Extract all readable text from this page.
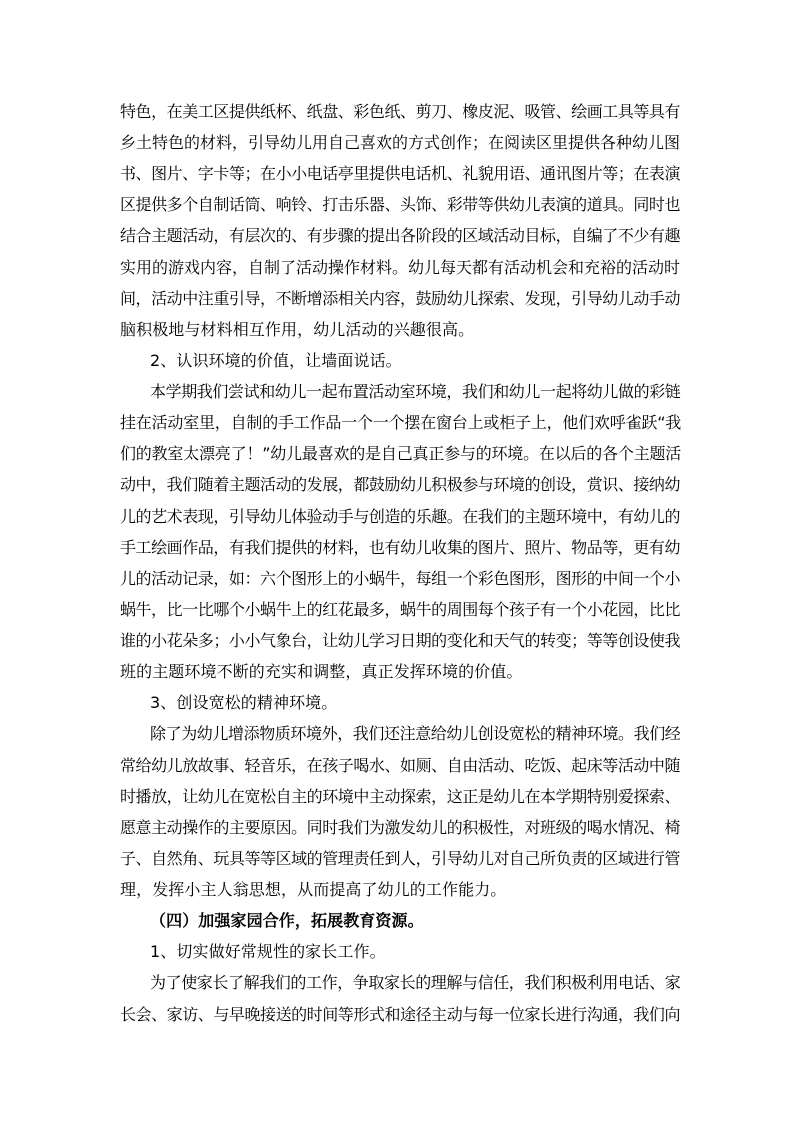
特色，在美工区提供纸杯、纸盘、彩色纸、剪刀、橡皮泥、吸管、绘画工具等具有
乡土特色的材料，引导幼儿用自己喜欢的方式创作；在阅读区里提供各种幼儿图
书、图片、字卡等；在小小电话亭里提供电话机、礼貌用语、通讯图片等；在表演
区提供多个自制话筒、响铃、打击乐器、头饰、彩带等供幼儿表演的道具。同时也
结合主题活动，有层次的、有步骤的提出各阶段的区域活动目标，自编了不少有趣
实用的游戏内容，自制了活动操作材料。幼儿每天都有活动机会和充裕的活动时
间，活动中注重引导，不断增添相关内容，鼓励幼儿探索、发现，引导幼儿动手动
脑积极地与材料相互作用，幼儿活动的兴趣很高。
2、认识环境的价值，让墙面说话。
本学期我们尝试和幼儿一起布置活动室环境，我们和幼儿一起将幼儿做的彩链
挂在活动室里，自制的手工作品一个一个摆在窗台上或柜子上，他们欢呼雀跃“我
们的教室太漂亮了！”幼儿最喜欢的是自己真正参与的环境。在以后的各个主题活
动中，我们随着主题活动的发展，都鼓励幼儿积极参与环境的创设，赏识、接纳幼
儿的艺术表现，引导幼儿体验动手与创造的乐趣。在我们的主题环境中，有幼儿的
手工绘画作品，有我们提供的材料，也有幼儿收集的图片、照片、物品等，更有幼
儿的活动记录，如：六个图形上的小蜗牛，每组一个彩色图形，图形的中间一个小
蜗牛，比一比哪个小蜗牛上的红花最多，蜗牛的周围每个孩子有一个小花园，比比
谁的小花朵多；小小气象台，让幼儿学习日期的变化和天气的转变；等等创设使我
班的主题环境不断的充实和调整，真正发挥环境的价值。
3、创设宽松的精神环境。
除了为幼儿增添物质环境外，我们还注意给幼儿创设宽松的精神环境。我们经
常给幼儿放故事、轻音乐，在孩子喝水、如厕、自由活动、吃饭、起床等活动中随
时播放，让幼儿在宽松自主的环境中主动探索，这正是幼儿在本学期特别爱探索、
愿意主动操作的主要原因。同时我们为激发幼儿的积极性，对班级的喝水情况、椅
子、自然角、玩具等等区域的管理责任到人，引导幼儿对自己所负责的区域进行管
理，发挥小主人翁思想，从而提高了幼儿的工作能力。
（四）加强家园合作，拓展教育资源。
1、切实做好常规性的家长工作。
为了使家长了解我们的工作，争取家长的理解与信任，我们积极利用电话、家
长会、家访、与早晚接送的时间等形式和途径主动与每一位家长进行沟通，我们向
